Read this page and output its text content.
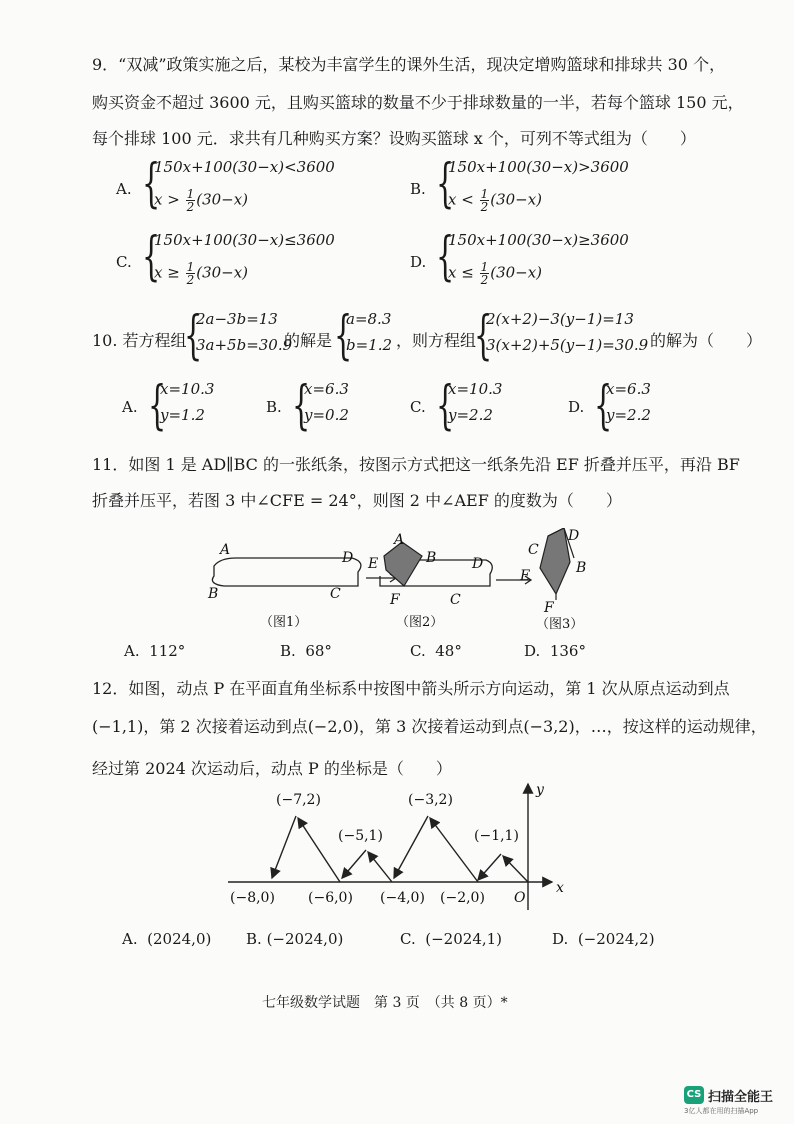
9．“双减”政策实施之后，某校为丰富学生的课外生活，现决定增购篮球和排球共 30 个，
购买资金不超过 3600 元，且购买篮球的数量不少于排球数量的一半，若每个篮球 150 元，
每个排球 100 元．求共有几种购买方案？设购买篮球 x 个，可列不等式组为（　　）
A. {
150x+100(30−x)<3600
$x > \frac{1}{2} (30-x)$
B. {
150x+100(30−x)>3600
$x < \frac{1}{2} (30-x)$
C. {
150x+100(30−x)≤3600
$x \ge \frac{1}{2} (30-x)$
D. {
150x+100(30−x)≥3600
$x \le \frac{1}{2} (30-x)$
10. 若方程组
{
2a−3b=13
3a+5b=30.9
的解是 {
a=8.3
b=1.2 ，则方程组
{
2(x+2)−3(y−1)=13
3(x+2)+5(y−1)=30.9 的解为（　　）
A. {
x=10.3
y=1.2	B. {
x=6.3
y=0.2	C. {
x=10.3
y=2.2	D. {
x=6.3
y=2.2
11．如图 1 是 AD∥BC 的一张纸条，按图示方式把这一纸条先沿 EF 折叠并压平，再沿 BF
折叠并压平，若图 3 中∠CFE = 24°，则图 2 中∠AEF 的度数为（　　）
A
B	C
D
A
E	B	D
F	C
D
C
B
E
F
（图1）	（图2）	（图3）
A. 112°	B. 68°	C. 48°	D. 136°
12．如图，动点 P 在平面直角坐标系中按图中箭头所示方向运动，第 1 次从原点运动到点
(−1,1)，第 2 次接着运动到点(−2,0)，第 3 次接着运动到点(−3,2)，…，按这样的运动规律，
经过第 2024 次运动后，动点 P 的坐标是（　　）
y
x
O
(−8,0)
(−7,2)
(−6,0)
(−5,1)
(−4,0)
(−3,2)
(−2,0)
(−1,1)
A. (2024,0) B. (−2024,0)	C. (−2024,1)	D. (−2024,2)
七年级数学试题　第 3 页　（共 8 页）*
CS 扫描全能王
3亿人都在用的扫描App
